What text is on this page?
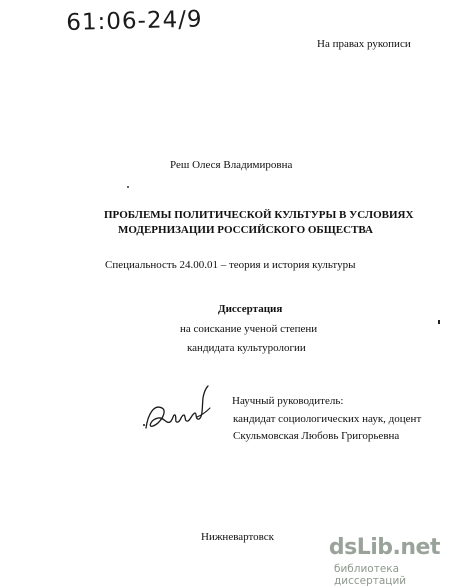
61:06-24/9
На правах рукописи
Реш Олеся Владимировна
ПРОБЛЕМЫ ПОЛИТИЧЕСКОЙ КУЛЬТУРЫ В УСЛОВИЯХ
МОДЕРНИЗАЦИИ РОССИЙСКОГО ОБЩЕСТВА
Специальность 24.00.01 – теория и история культуры
Диссертация
на соискание ученой степени
кандидата культурологии
Научный руководитель:
кандидат социологических наук, доцент
Скульмовская Любовь Григорьевна
Нижневартовск dsLib.net
библиотека диссертаций
